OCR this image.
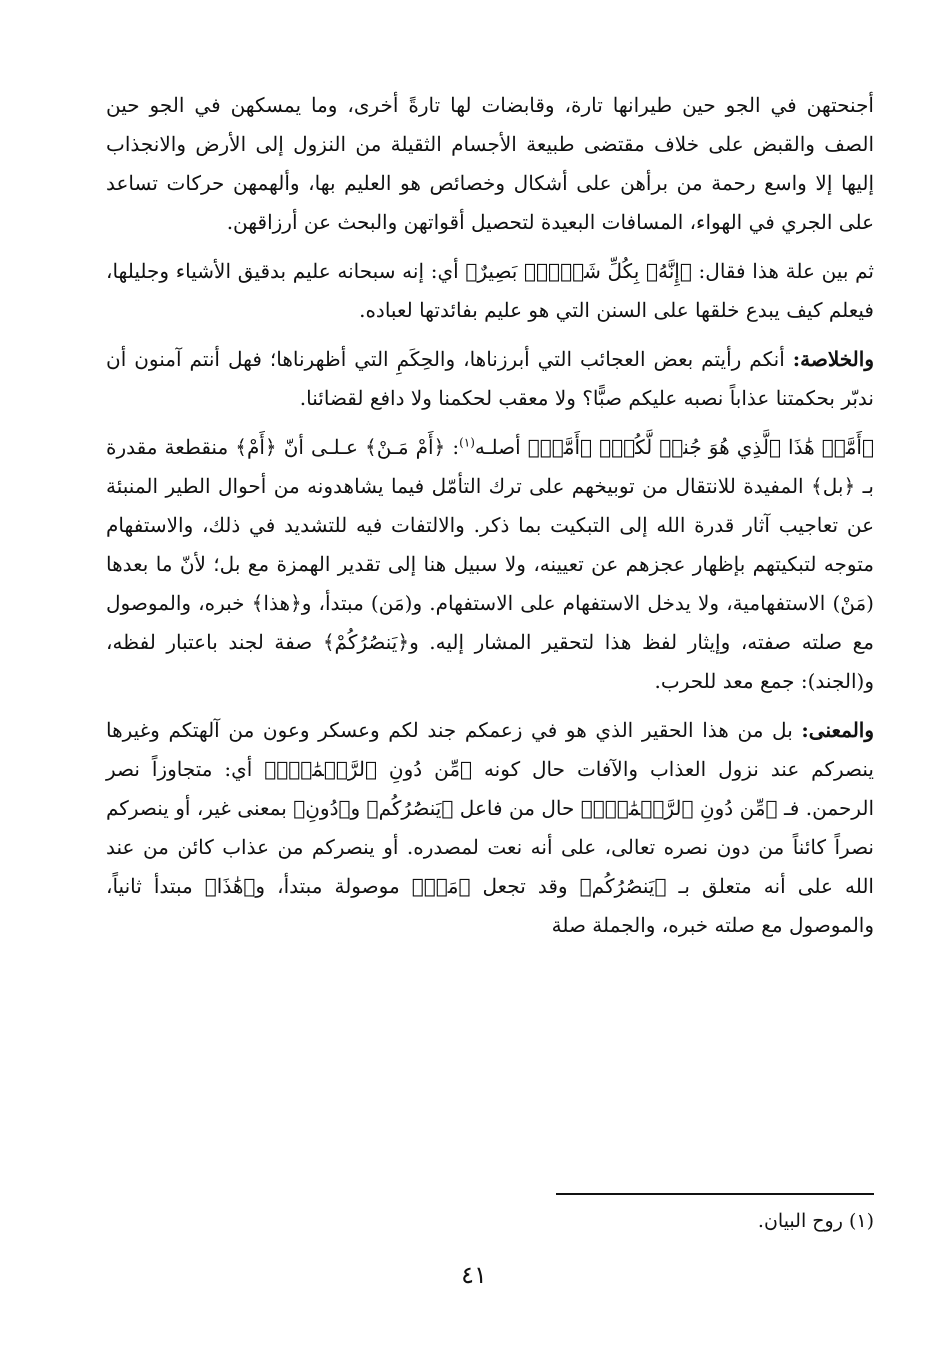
أجنحتهن في الجو حين طيرانها تارة، وقابضات لها تارةً أخرى، وما يمسكهن في الجو حين الصف والقبض على خلاف مقتضى طبيعة الأجسام الثقيلة من النزول إلى الأرض والانجذاب إليها إلا واسع رحمة من برأهن على أشكال وخصائص هو العليم بها، وألهمهن حركات تساعد على الجري في الهواء، المسافات البعيدة لتحصيل أقواتهن والبحث عن أرزاقهن.

ثم بين علة هذا فقال: ﴿إِنَّهُۥ بِكُلِّ شَيۡءِۭ بَصِيرٌ﴾ أي: إنه سبحانه عليم بدقيق الأشياء وجليلها، فيعلم كيف يبدع خلقها على السنن التي هو عليم بفائدتها لعباده.

والخلاصة: أنكم رأيتم بعض العجائب التي أبرزناها، والحِكَمِ التي أظهرناها؛ فهل أنتم آمنون أن ندبّر بحكمتنا عذاباً نصبه عليكم صبًّا؟ ولا معقب لحكمنا ولا دافع لقضائنا.

﴿أَمَّنۡ هَٰذَا ٱلَّذِي هُوَ جُندٞ لَّكُمۡ﴾ ﴿أَمَّنۡ﴾ أصلـه$^{(١)}$: ﴿أَمْ مَـنْ﴾ عـلـى أنّ ﴿أَمْ﴾ منقطعة مقدرة بـ ﴿بل﴾ المفيدة للانتقال من توبيخهم على ترك التأمّل فيما يشاهدونه من أحوال الطير المنبئة عن تعاجيب آثار قدرة الله إلى التبكيت بما ذكر. والالتفات فيه للتشديد في ذلك، والاستفهام متوجه لتبكيتهم بإظهار عجزهم عن تعيينه، ولا سبيل هنا إلى تقدير الهمزة مع بل؛ لأنّ ما بعدها (مَنْ) الاستفهامية، ولا يدخل الاستفهام على الاستفهام. و(مَن) مبتدأ، و﴿هذا﴾ خبره، والموصول مع صلته صفته، وإيثار لفظ هذا لتحقير المشار إليه. و﴿يَنصُرُكُمْ﴾ صفة لجند باعتبار لفظه، و(الجند): جمع معد للحرب.

والمعنى: بل من هذا الحقير الذي هو في زعمكم جند لكم وعسكر وعون من آلهتكم وغيرها ينصركم عند نزول العذاب والآفات حال كونه ﴿مِّن دُونِ ٱلرَّحۡمَٰنِۚ﴾ أي: متجاوزاً نصر الرحمن. فـ ﴿مِّن دُونِ ٱلرَّحۡمَٰنِۚ﴾ حال من فاعل ﴿يَنصُرُكُم﴾ و﴿دُونِ﴾ بمعنى غير، أو ينصركم نصراً كائناً من دون نصره تعالى، على أنه نعت لمصدره. أو ينصركم من عذاب كائن من عند الله على أنه متعلق بـ ﴿يَنصُرُكُم﴾ وقد تجعل ﴿مَنۡ﴾ موصولة مبتدأ، و﴿هَٰذَا﴾ مبتدأ ثانياً، والموصول مع صلته خبره، والجملة صلة

(١) روح البيان.
٤١
